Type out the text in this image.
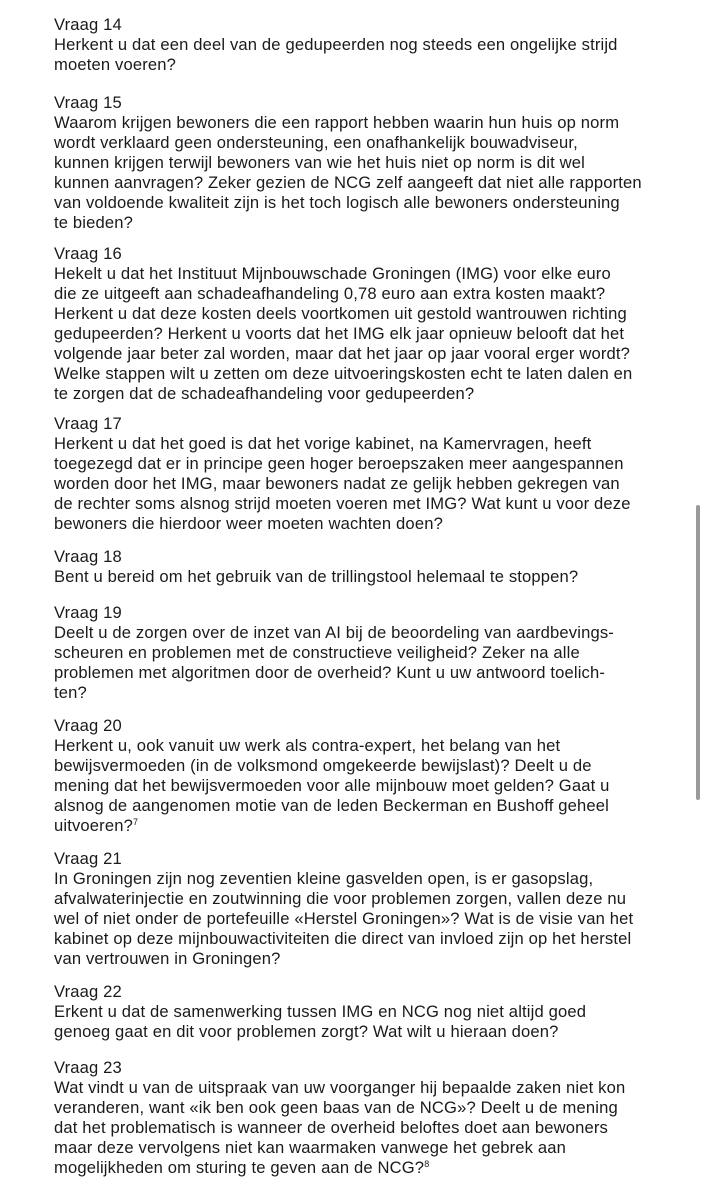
Vraag 14
Herkent u dat een deel van de gedupeerden nog steeds een ongelijke strijd
moeten voeren?
Vraag 15
Waarom krijgen bewoners die een rapport hebben waarin hun huis op norm
wordt verklaard geen ondersteuning, een onafhankelijk bouwadviseur,
kunnen krijgen terwijl bewoners van wie het huis niet op norm is dit wel
kunnen aanvragen? Zeker gezien de NCG zelf aangeeft dat niet alle rapporten
van voldoende kwaliteit zijn is het toch logisch alle bewoners ondersteuning
te bieden?
Vraag 16
Hekelt u dat het Instituut Mijnbouwschade Groningen (IMG) voor elke euro
die ze uitgeeft aan schadeafhandeling 0,78 euro aan extra kosten maakt?
Herkent u dat deze kosten deels voortkomen uit gestold wantrouwen richting
gedupeerden? Herkent u voorts dat het IMG elk jaar opnieuw belooft dat het
volgende jaar beter zal worden, maar dat het jaar op jaar vooral erger wordt?
Welke stappen wilt u zetten om deze uitvoeringskosten echt te laten dalen en
te zorgen dat de schadeafhandeling voor gedupeerden?
Vraag 17
Herkent u dat het goed is dat het vorige kabinet, na Kamervragen, heeft
toegezegd dat er in principe geen hoger beroepszaken meer aangespannen
worden door het IMG, maar bewoners nadat ze gelijk hebben gekregen van
de rechter soms alsnog strijd moeten voeren met IMG? Wat kunt u voor deze
bewoners die hierdoor weer moeten wachten doen?
Vraag 18
Bent u bereid om het gebruik van de trillingstool helemaal te stoppen?
Vraag 19
Deelt u de zorgen over de inzet van AI bij de beoordeling van aardbevings-
scheuren en problemen met de constructieve veiligheid? Zeker na alle
problemen met algoritmen door de overheid? Kunt u uw antwoord toelich-
ten?
Vraag 20
Herkent u, ook vanuit uw werk als contra-expert, het belang van het
bewijsvermoeden (in de volksmond omgekeerde bewijslast)? Deelt u de
mening dat het bewijsvermoeden voor alle mijnbouw moet gelden? Gaat u
alsnog de aangenomen motie van de leden Beckerman en Bushoff geheel
uitvoeren?$^7$
Vraag 21
In Groningen zijn nog zeventien kleine gasvelden open, is er gasopslag,
afvalwaterinjectie en zoutwinning die voor problemen zorgen, vallen deze nu
wel of niet onder de portefeuille «Herstel Groningen»? Wat is de visie van het
kabinet op deze mijnbouwactiviteiten die direct van invloed zijn op het herstel
van vertrouwen in Groningen?
Vraag 22
Erkent u dat de samenwerking tussen IMG en NCG nog niet altijd goed
genoeg gaat en dit voor problemen zorgt? Wat wilt u hieraan doen?
Vraag 23
Wat vindt u van de uitspraak van uw voorganger hij bepaalde zaken niet kon
veranderen, want «ik ben ook geen baas van de NCG»? Deelt u de mening
dat het problematisch is wanneer de overheid beloftes doet aan bewoners
maar deze vervolgens niet kan waarmaken vanwege het gebrek aan
mogelijkheden om sturing te geven aan de NCG?$^8$
